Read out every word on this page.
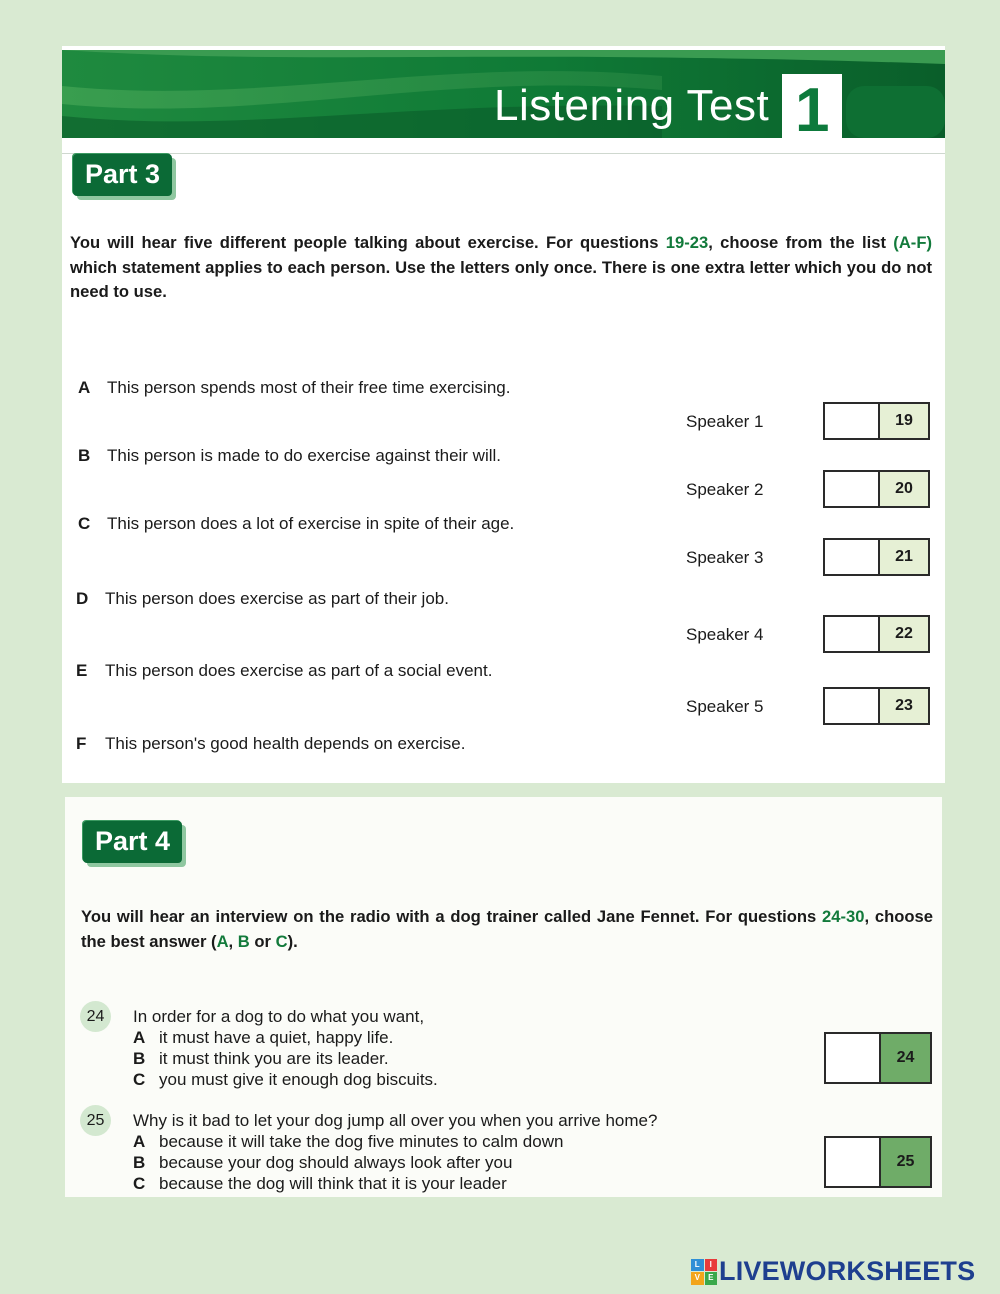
Listening Test 1
Part 3
You will hear five different people talking about exercise. For questions 19-23, choose from the list (A-F) which statement applies to each person. Use the letters only once. There is one extra letter which you do not need to use.
A This person spends most of their free time exercising.
B This person is made to do exercise against their will.
C This person does a lot of exercise in spite of their age.
D This person does exercise as part of their job.
E This person does exercise as part of a social event.
F This person's good health depends on exercise.
Speaker 1	19
Speaker 2	20
Speaker 3	21
Speaker 4	22
Speaker 5	23
Part 4
You will hear an interview on the radio with a dog trainer called Jane Fennet. For questions 24-30, choose the best answer (A, B or C).
24	In order for a dog to do what you want,
A it must have a quiet, happy life.
B it must think you are its leader.
C you must give it enough dog biscuits.
24
25	Why is it bad to let your dog jump all over you when you arrive home?
A because it will take the dog five minutes to calm down
B because your dog should always look after you
C because the dog will think that it is your leader
25
L	I
V	E LIVEWORKSHEETS
